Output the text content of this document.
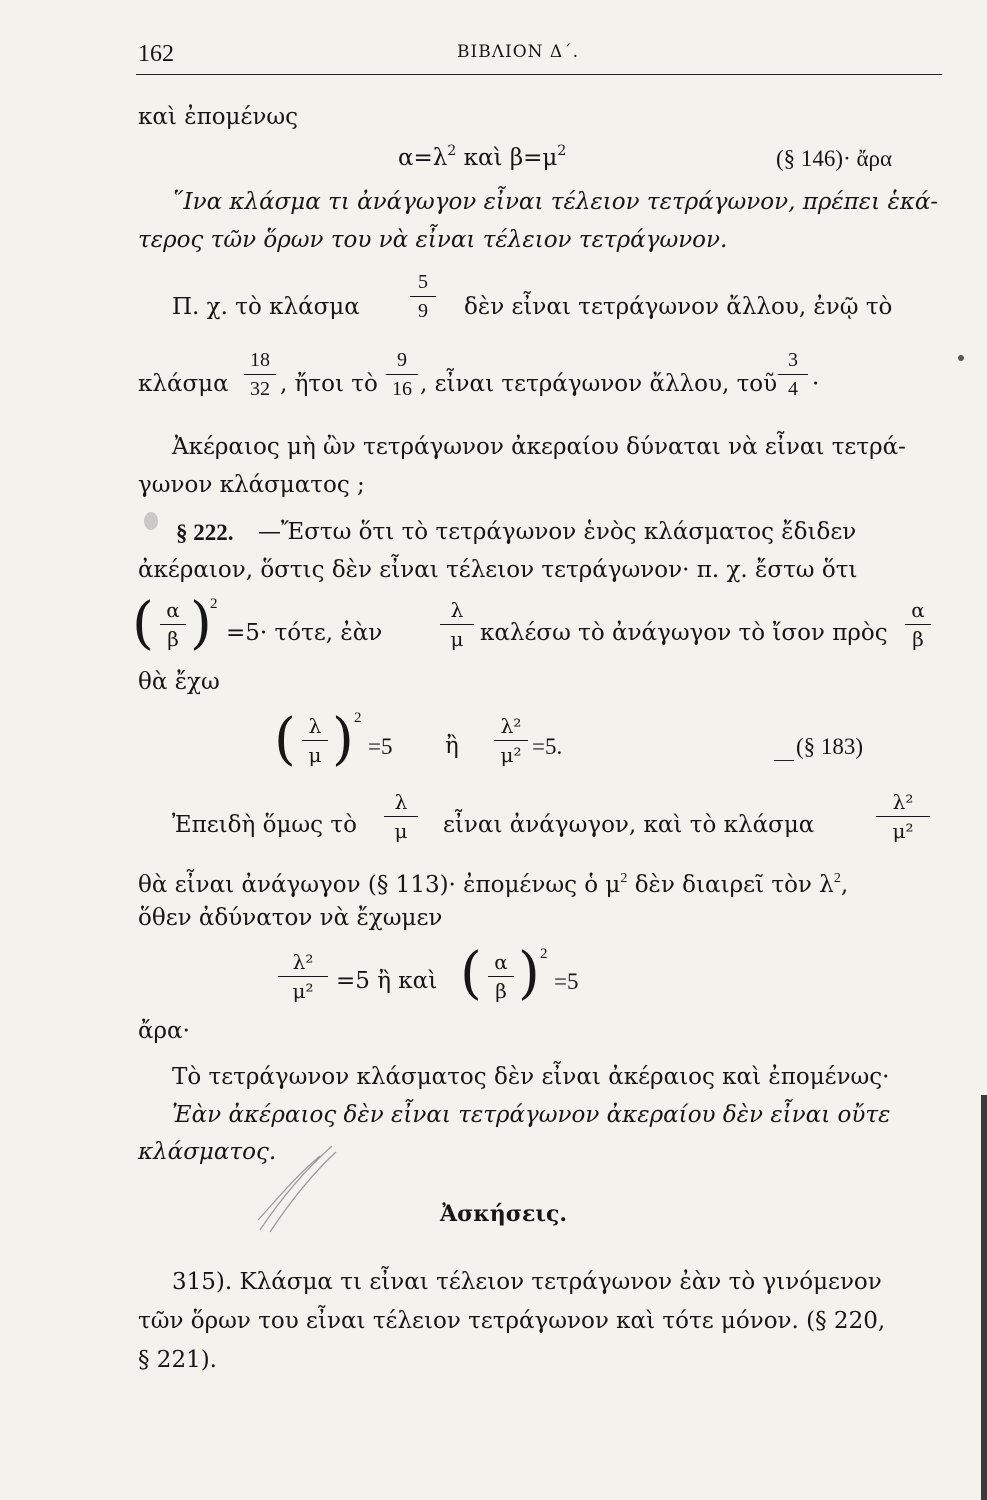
162	ΒΙΒΛΙΟΝ Δ΄.
καὶ ἐπομένως
$\alpha=\lambda^2$ καὶ $\beta=\mu^2$	(§ 146)· ἄρα
῞Ινα κλάσμα τι ἀνάγωγον εἶναι τέλειον τετράγωνον, πρέπει ἑκά-
τερος τῶν ὅρων του νὰ εἶναι τέλειον τετράγωνον.
Π. χ. τὸ κλάσμα
5
9 δὲν εἶναι τετράγωνον ἄλλου, ἐνῷ τὸ
κλάσμα
18
32 , ἤτοι τὸ
9
16 , εἶναι τετράγωνον ἄλλου, τοῦ
3
4 ·
Ἀκέραιος μὴ ὢν τετράγωνον ἀκεραίου δύναται νὰ εἶναι τετρά-
γωνον κλάσματος ;
§ 222. —Ἔστω ὅτι τὸ τετράγωνον ἑνὸς κλάσματος ἔδιδεν
ἀκέραιον, ὅστις δὲν εἶναι τέλειον τετράγωνον· π. χ. ἔστω ὅτι
( α
β )
2
=5· τότε, ἐὰν
λ
μ καλέσω τὸ ἀνάγωγον τὸ ἴσον πρὸς
α
β
θὰ ἔχω
( λ
μ ) 2
=5 ἢ
λ²
μ² =5.	(§ 183)
Ἐπειδὴ ὅμως τὸ
λ
μ εἶναι ἀνάγωγον, καὶ τὸ κλάσμα
λ²
μ²
θὰ εἶναι ἀνάγωγον (§ 113)· ἐπομένως ὁ $\mu^2$ δὲν διαιρεῖ τὸν $\lambda^2$,
ὅθεν ἀδύνατον νὰ ἔχωμεν
λ²
μ² =5 ἢ καὶ ( α
β ) 2
=5
ἄρα·
Τὸ τετράγωνον κλάσματος δὲν εἶναι ἀκέραιος καὶ ἐπομένως·
Ἐὰν ἀκέραιος δὲν εἶναι τετράγωνον ἀκεραίου δὲν εἶναι οὔτε
κλάσματος.
Ἀσκήσεις.
315). Κλάσμα τι εἶναι τέλειον τετράγωνον ἐὰν τὸ γινόμενον
τῶν ὅρων του εἶναι τέλειον τετράγωνον καὶ τότε μόνον. (§ 220,
§ 221).
